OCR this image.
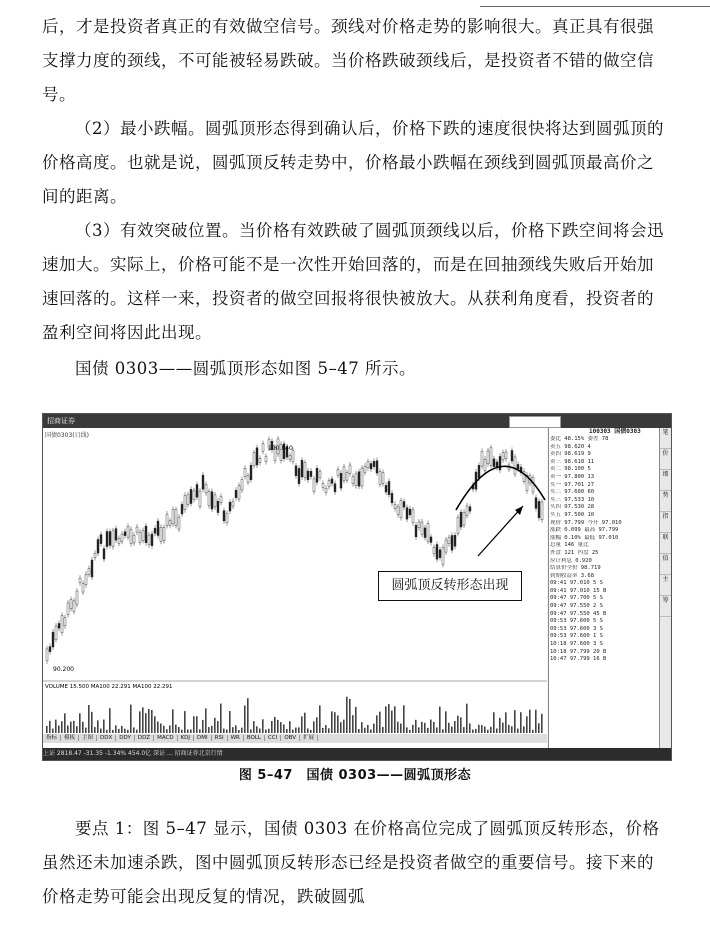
后，才是投资者真正的有效做空信号。颈线对价格走势的影响很大。真正具有很强支撑力度的颈线，不可能被轻易跌破。当价格跌破颈线后，是投资者不错的做空信号。

（2）最小跌幅。圆弧顶形态得到确认后，价格下跌的速度很快将达到圆弧顶的价格高度。也就是说，圆弧顶反转走势中，价格最小跌幅在颈线到圆弧顶最高价之间的距离。

（3）有效突破位置。当价格有效跌破了圆弧顶颈线以后，价格下跌空间将会迅速加大。实际上，价格可能不是一次性开始回落的，而是在回抽颈线失败后开始加速回落的。这样一来，投资者的做空回报将很快被放大。从获利角度看，投资者的盈利空间将因此出现。

国债 0303——圆弧顶形态如图 5–47 所示。

招商证券
国债0303(日线)
100.840
90.200
VOLUME 15.500 MA100 22.291 MA100 22.291
圆弧顶反转形态出现
100303 国债0303
委比 48.15% 委差 78
卖五 98.620 4
卖四 98.619 9
卖三 98.618 11
卖二 98.100 5
卖一 97.800 13
买一 97.701 27
买二 97.600 60
买三 97.533 10
买四 97.530 28
买五 97.500 10
现价 97.799 今开 97.010
涨跌 0.099 最高 97.799
涨幅 0.10% 最低 97.010
总量 146 量比
外盘 121 内盘 25
应计利息 0.920
结算价全价 98.719
到期收益率 3.68
09:41 97.010 5 S
09:41 97.010 15 B
09:47 97.700 5 S
09:47 97.550 2 S
09:47 97.550 45 B
09:53 97.600 5 S
09:53 97.600 3 S
09:53 97.600 1 S
10:18 97.600 3 S
10:18 97.799 20 B
10:47 97.799 16 B
笔
价
细
势
指
联
值
主
筹
指标 模板 主图 DDX DDY DDZ MACD KDJ DMI RSI WR BOLL CCI OBV 扩展
上证 2818.47 -31.35 -1.34% 454.0亿 深证 ... 招商证券北京行情
图 5–47　国债 0303——圆弧顶形态

要点 1：图 5–47 显示，国债 0303 在价格高位完成了圆弧顶反转形态，价格虽然还未加速杀跌，图中圆弧顶反转形态已经是投资者做空的重要信号。接下来的价格走势可能会出现反复的情况，跌破圆弧
